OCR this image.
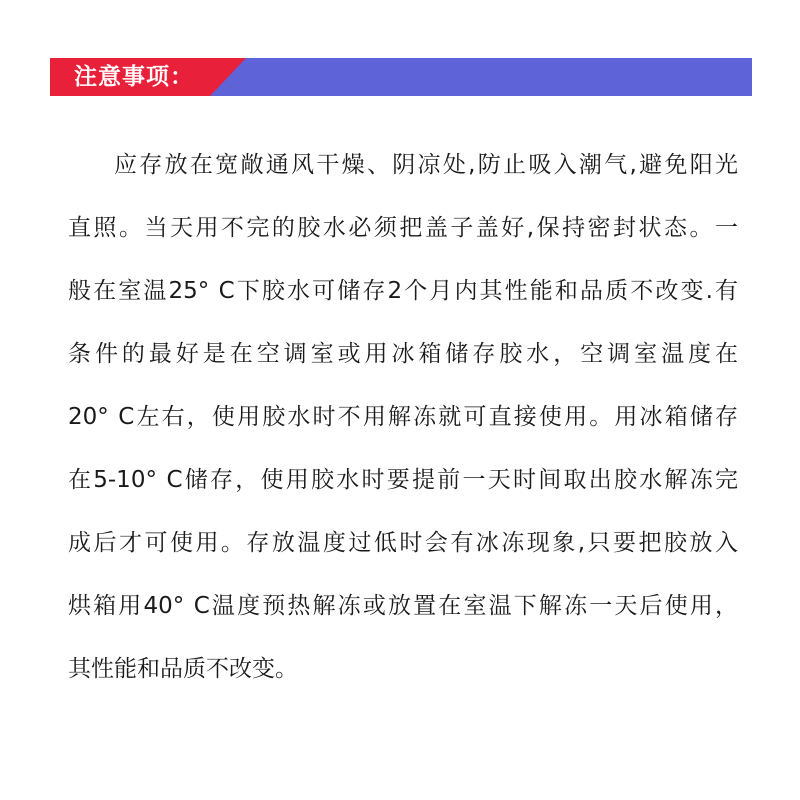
注意事项：
应存放在宽敞通风干燥、阴凉处,防止吸入潮气,避免阳光
直照。当天用不完的胶水必须把盖子盖好,保持密封状态。一
般在室温25° C下胶水可储存2个月内其性能和品质不改变.有
条件的最好是在空调室或用冰箱储存胶水，空调室温度在
20° C左右，使用胶水时不用解冻就可直接使用。用冰箱储存
在5-10° C储存，使用胶水时要提前一天时间取出胶水解冻完
成后才可使用。存放温度过低时会有冰冻现象,只要把胶放入
烘箱用40° C温度预热解冻或放置在室温下解冻一天后使用，
其性能和品质不改变。
